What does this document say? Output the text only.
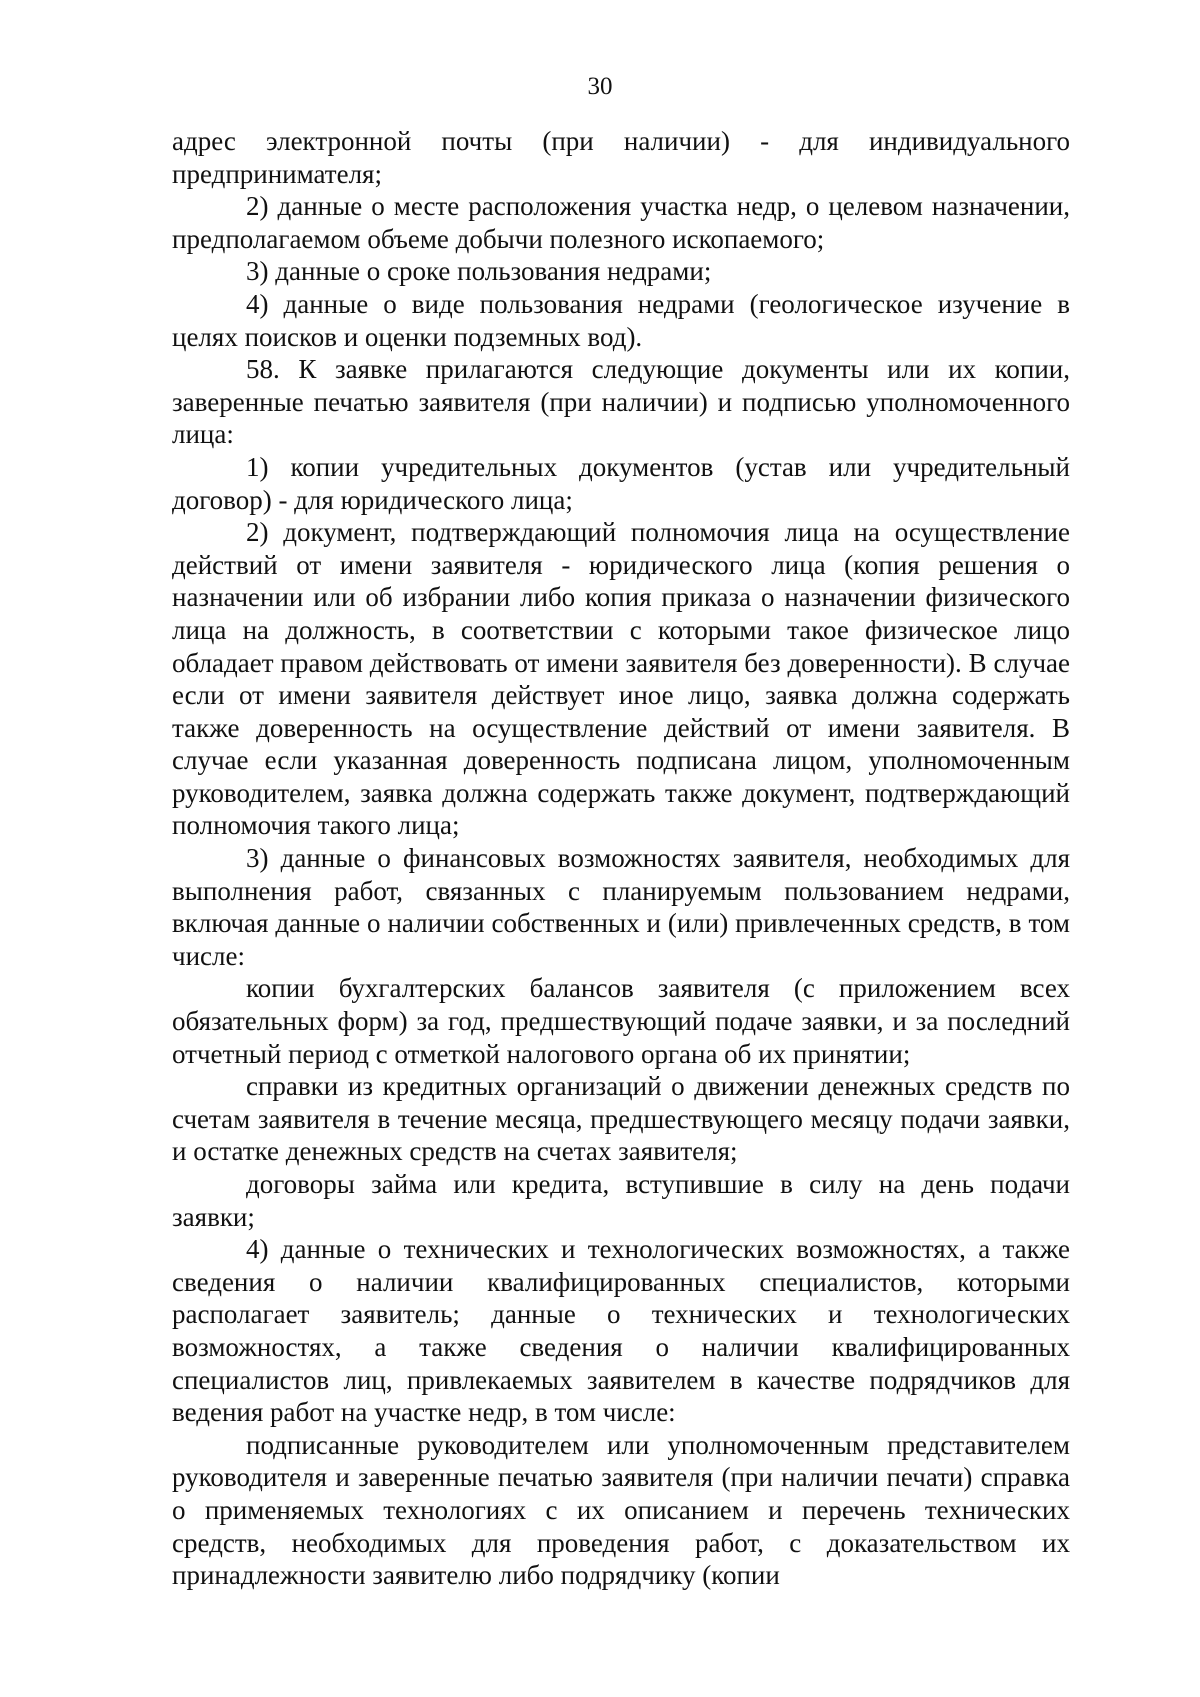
30

адрес электронной почты (при наличии) - для индивидуального предпринимателя;

2) данные о месте расположения участка недр, о целевом назначении, предполагаемом объеме добычи полезного ископаемого;

3) данные о сроке пользования недрами;

4) данные о виде пользования недрами (геологическое изучение в целях поисков и оценки подземных вод).

58. К заявке прилагаются следующие документы или их копии, заверенные печатью заявителя (при наличии) и подписью уполномоченного лица:

1) копии учредительных документов (устав или учредительный договор) - для юридического лица;

2) документ, подтверждающий полномочия лица на осуществление действий от имени заявителя - юридического лица (копия решения о назначении или об избрании либо копия приказа о назначении физического лица на должность, в соответствии с которыми такое физическое лицо обладает правом действовать от имени заявителя без доверенности). В случае если от имени заявителя действует иное лицо, заявка должна содержать также доверенность на осуществление действий от имени заявителя. В случае если указанная доверенность подписана лицом, уполномоченным руководителем, заявка должна содержать также документ, подтверждающий полномочия такого лица;

3) данные о финансовых возможностях заявителя, необходимых для выполнения работ, связанных с планируемым пользованием недрами, включая данные о наличии собственных и (или) привлеченных средств, в том числе:

копии бухгалтерских балансов заявителя (с приложением всех обязательных форм) за год, предшествующий подаче заявки, и за последний отчетный период с отметкой налогового органа об их принятии;

справки из кредитных организаций о движении денежных средств по счетам заявителя в течение месяца, предшествующего месяцу подачи заявки, и остатке денежных средств на счетах заявителя;

договоры займа или кредита, вступившие в силу на день подачи заявки;

4) данные о технических и технологических возможностях, а также сведения о наличии квалифицированных специалистов, которыми располагает заявитель; данные о технических и технологических возможностях, а также сведения о наличии квалифицированных специалистов лиц, привлекаемых заявителем в качестве подрядчиков для ведения работ на участке недр, в том числе:

подписанные руководителем или уполномоченным представителем руководителя и заверенные печатью заявителя (при наличии печати) справка о применяемых технологиях с их описанием и перечень технических средств, необходимых для проведения работ, с доказательством их принадлежности заявителю либо подрядчику (копии
